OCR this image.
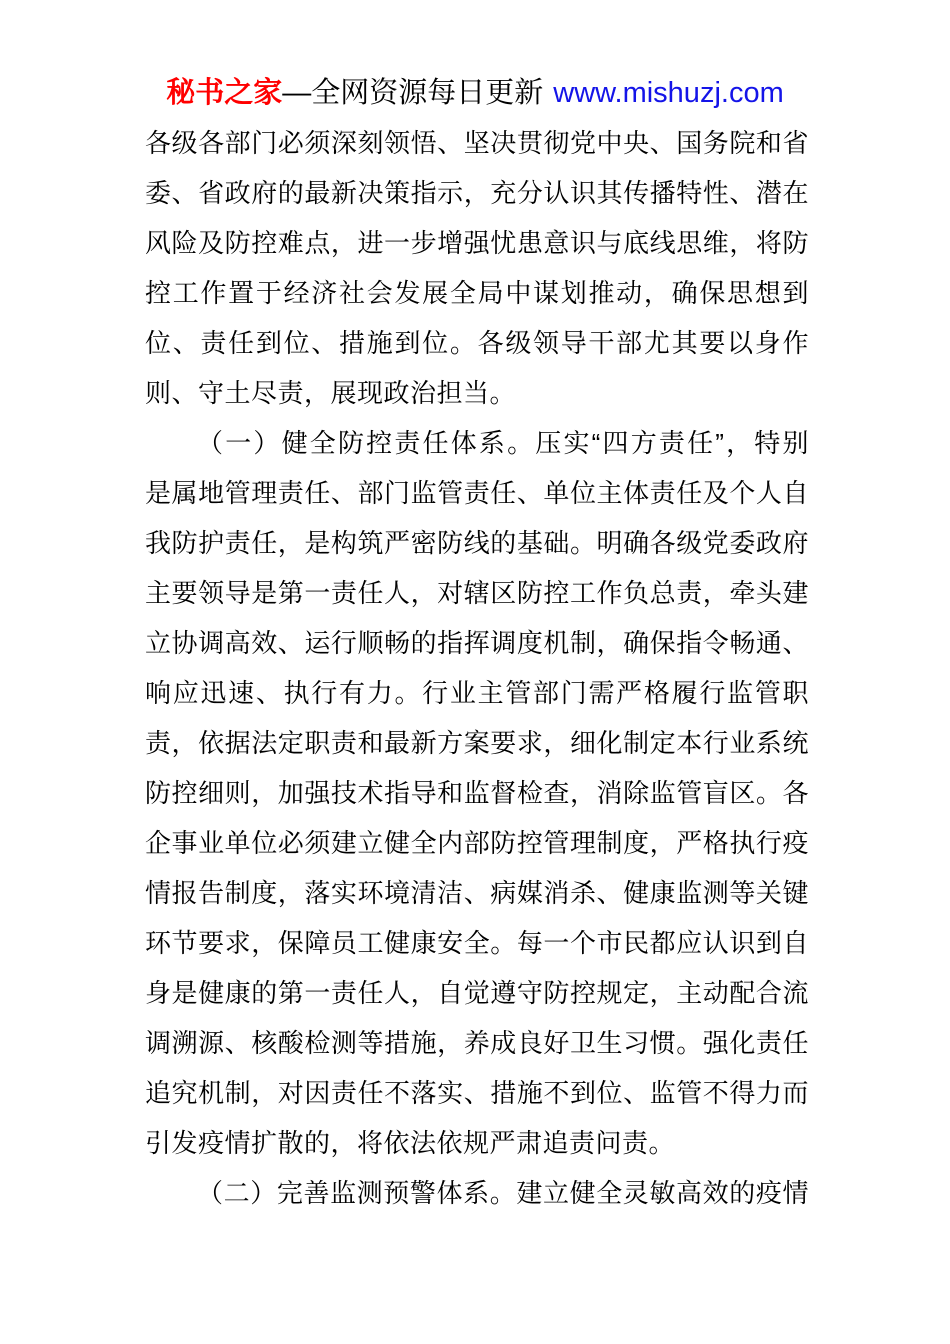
秘书之家—全网资源每日更新 www.mishuzj.com
各级各部门必须深刻领悟、坚决贯彻党中央、国务院和省
委、省政府的最新决策指示，充分认识其传播特性、潜在
风险及防控难点，进一步增强忧患意识与底线思维，将防
控工作置于经济社会发展全局中谋划推动，确保思想到
位、责任到位、措施到位。各级领导干部尤其要以身作
则、守土尽责，展现政治担当。
（一）健全防控责任体系。压实“四方责任”，特别
是属地管理责任、部门监管责任、单位主体责任及个人自
我防护责任，是构筑严密防线的基础。明确各级党委政府
主要领导是第一责任人，对辖区防控工作负总责，牵头建
立协调高效、运行顺畅的指挥调度机制，确保指令畅通、
响应迅速、执行有力。行业主管部门需严格履行监管职
责，依据法定职责和最新方案要求，细化制定本行业系统
防控细则，加强技术指导和监督检查，消除监管盲区。各
企事业单位必须建立健全内部防控管理制度，严格执行疫
情报告制度，落实环境清洁、病媒消杀、健康监测等关键
环节要求，保障员工健康安全。每一个市民都应认识到自
身是健康的第一责任人，自觉遵守防控规定，主动配合流
调溯源、核酸检测等措施，养成良好卫生习惯。强化责任
追究机制，对因责任不落实、措施不到位、监管不得力而
引发疫情扩散的，将依法依规严肃追责问责。
（二）完善监测预警体系。建立健全灵敏高效的疫情
